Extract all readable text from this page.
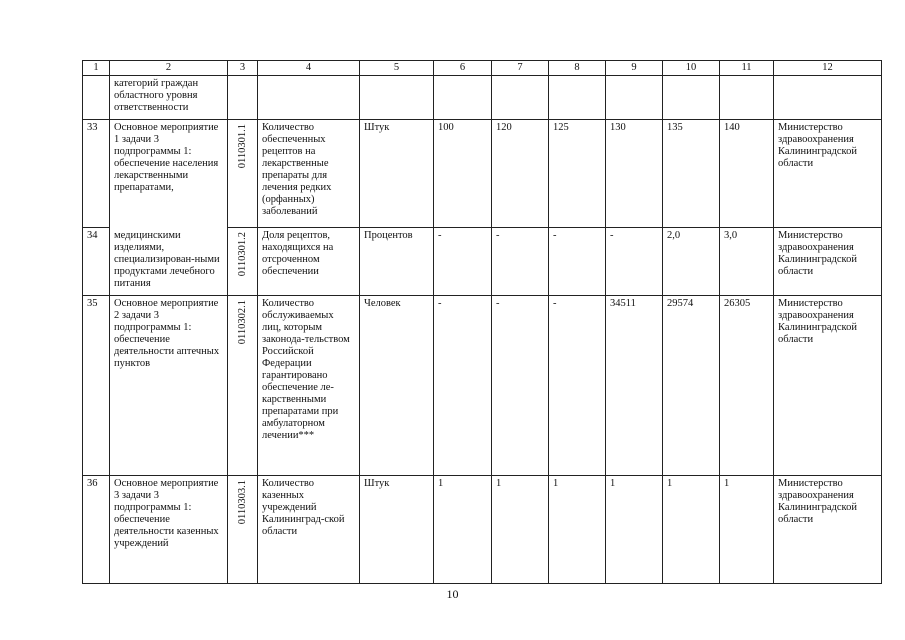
1	2	3	4	5	6	7	8	9	10	11	12
	категорий граждан областного уровня ответственности										
33	Основное мероприятие 1 задачи 3 подпрограммы 1: обеспечение населения лекарственными препаратами,	0110301.1	Количество обеспеченных рецептов на лекарственные препараты для лечения редких (орфанных) заболеваний	Штук	100	120	125	130	135	140	Министерство здравоохранения Калининградской области
34	медицинскими изделиями, специализирован-ными продуктами лечебного питания	0110301.2	Доля рецептов, находящихся на отсроченном обеспечении	Процентов	-	-	-	-	2,0	3,0	Министерство здравоохранения Калининградской области
35	Основное мероприятие 2 задачи 3 подпрограммы 1: обеспечение деятельности аптечных пунктов	0110302.1	Количество обслуживаемых лиц, которым законода-тельством Российской Федерации гарантировано обеспечение ле-карственными препаратами при амбулаторном лечении***	Человек	-	-	-	34511	29574	26305	Министерство здравоохранения Калининградской области
36	Основное мероприятие 3 задачи 3 подпрограммы 1: обеспечение деятельности казенных учреждений	0110303.1	Количество казенных учреждений Калининград-ской области	Штук	1	1	1	1	1	1	Министерство здравоохранения Калининградской области
10
